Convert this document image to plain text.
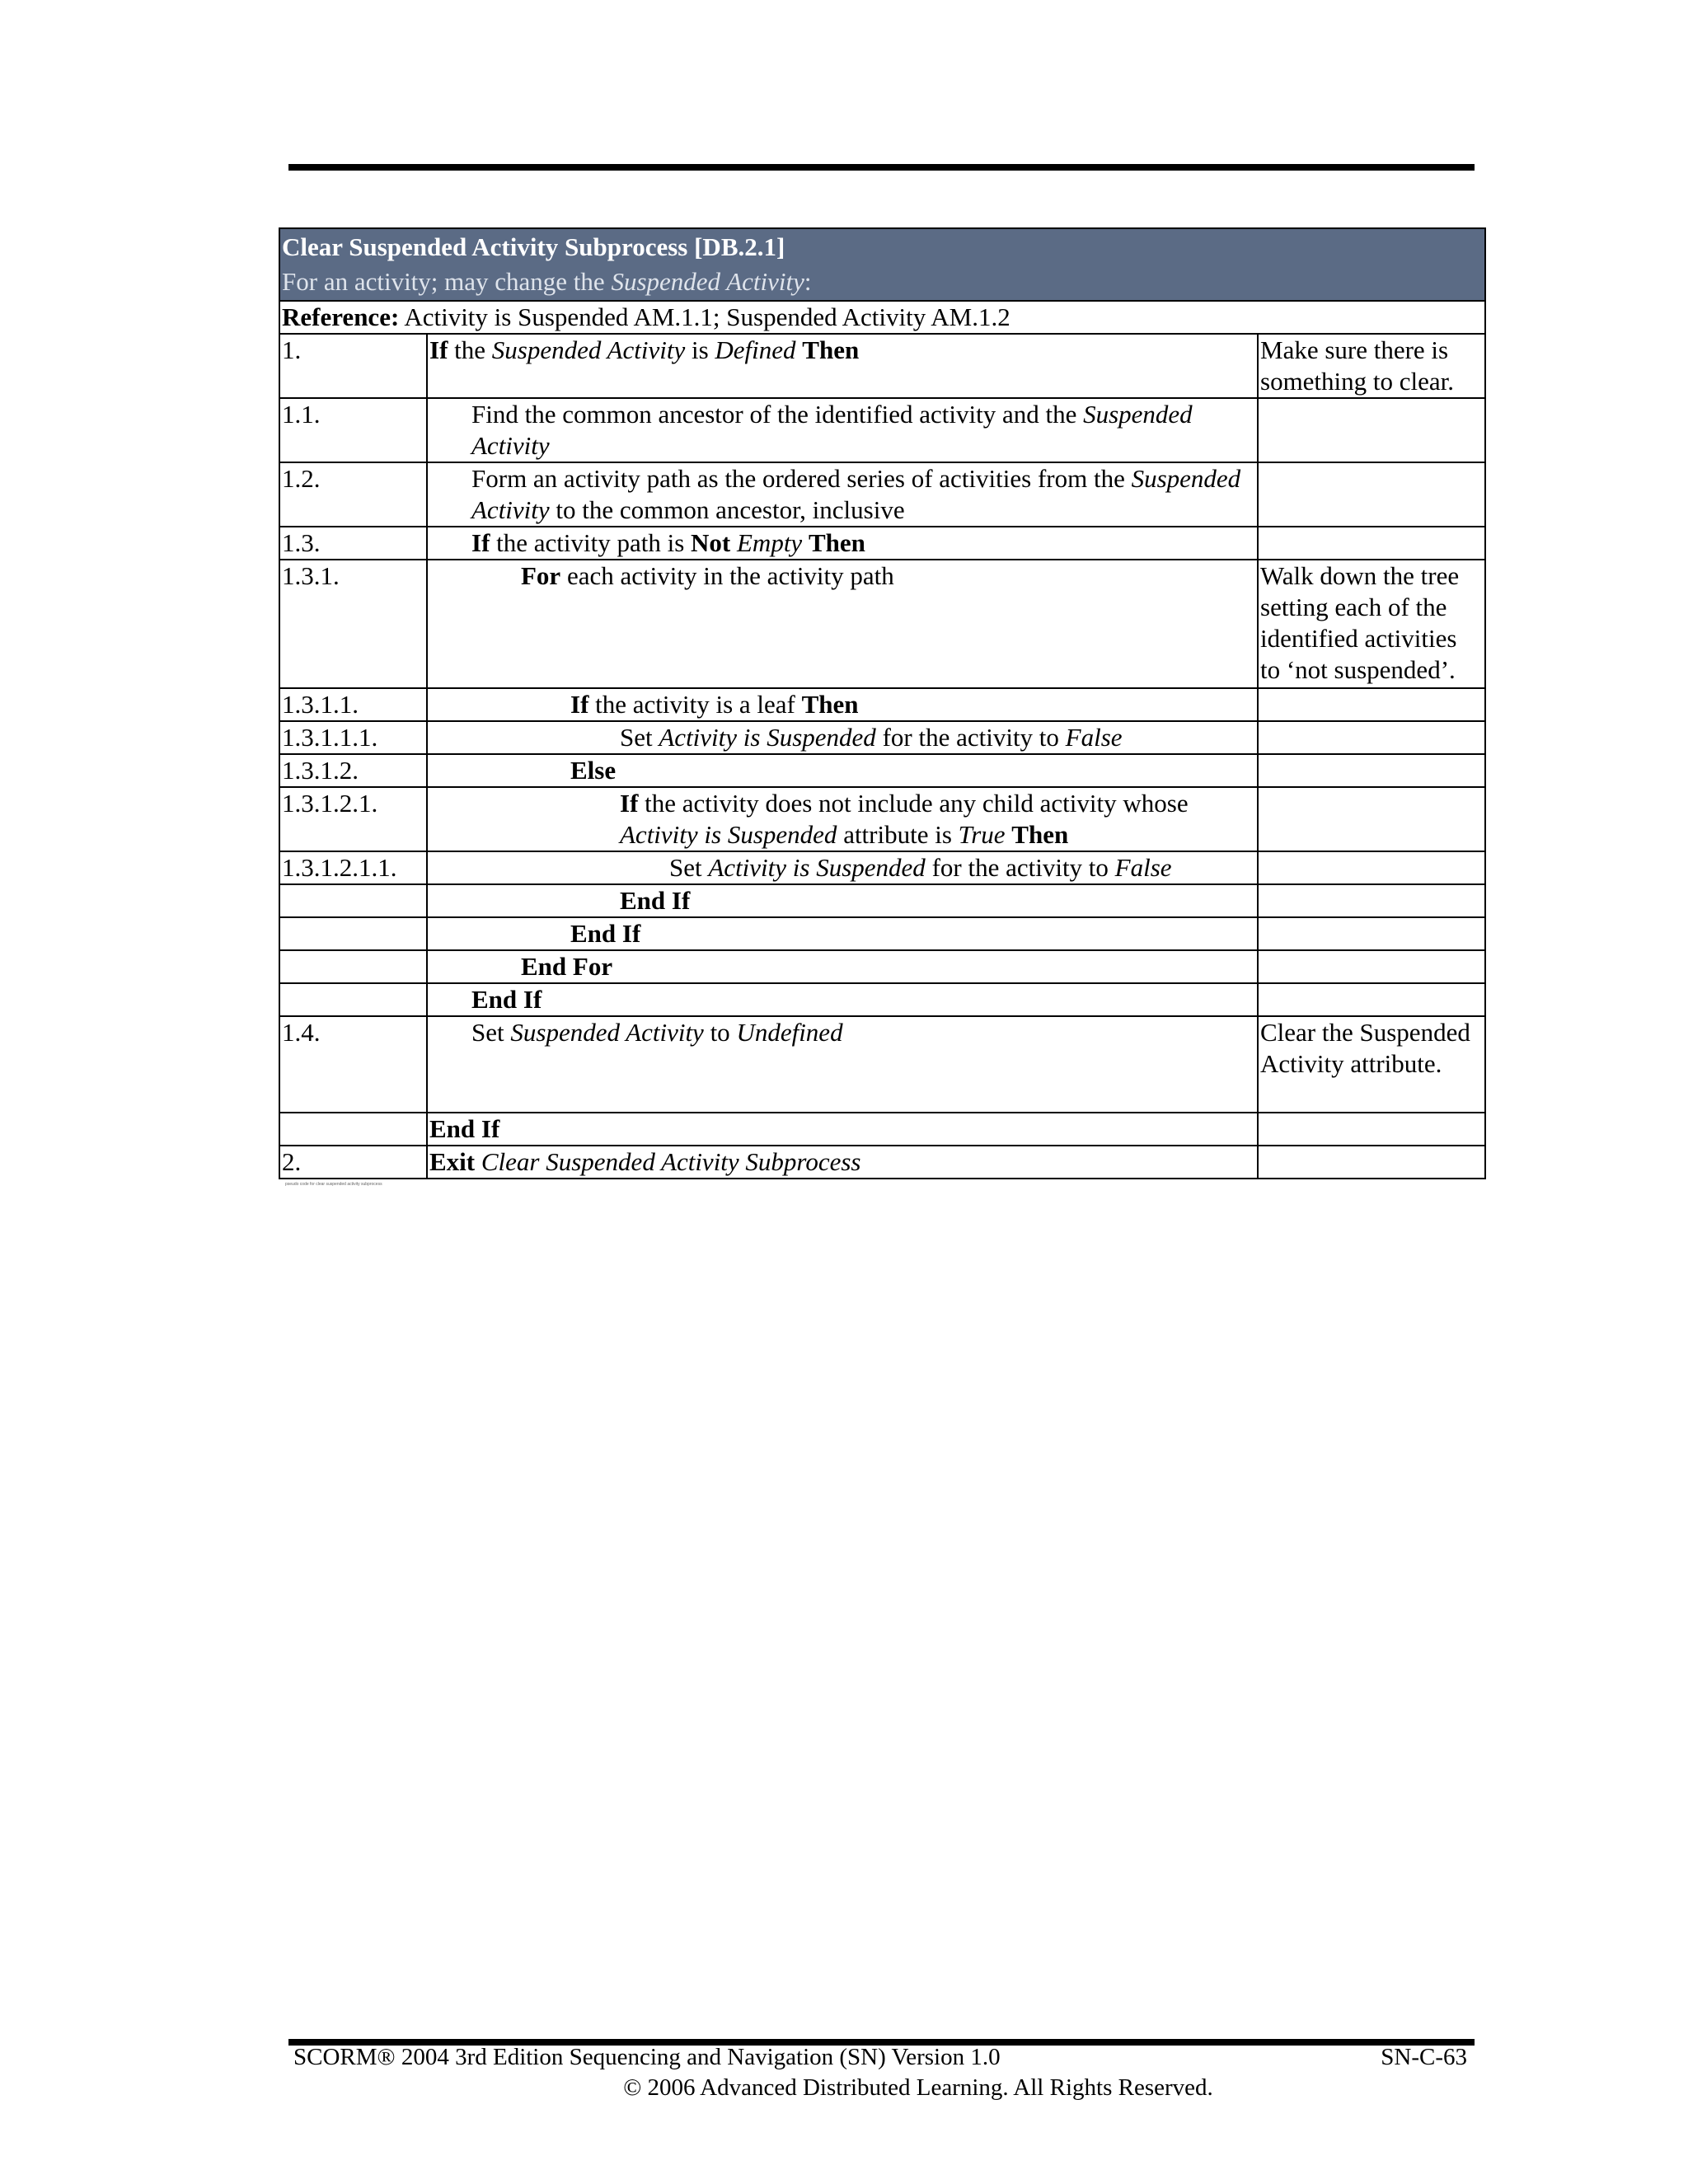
Clear Suspended Activity Subprocess [DB.2.1]
For an activity; may change the Suspended Activity:		

Reference: Activity is Suspended AM.1.1; Suspended Activity AM.1.2		
1.	If the Suspended Activity is Defined Then	Make sure there is something to clear.
1.1.	Find the common ancestor of the identified activity and the Suspended Activity	

1.2.	Form an activity path as the ordered series of activities from the Suspended Activity to the common ancestor, inclusive	

1.3.	If the activity path is Not Empty Then	

1.3.1.	For each activity in the activity path	Walk down the tree setting each of the identified activities to ‘not suspended’.
1.3.1.1.	If the activity is a leaf Then	

1.3.1.1.1.	Set Activity is Suspended for the activity to False	

1.3.1.2.	Else	

1.3.1.2.1.	If the activity does not include any child activity whose Activity is Suspended attribute is True Then	

1.3.1.2.1.1.	Set Activity is Suspended for the activity to False	

	End If	

	End If	

	End For	

	End If	

1.4.	Set Suspended Activity to Undefined	Clear the Suspended Activity attribute.

	End If	

2.	Exit Clear Suspended Activity Subprocess	

pseudo code for clear suspended activity subprocess
SCORM® 2004 3rd Edition Sequencing and Navigation (SN) Version 1.0	SN-C-63
© 2006 Advanced Distributed Learning. All Rights Reserved.
